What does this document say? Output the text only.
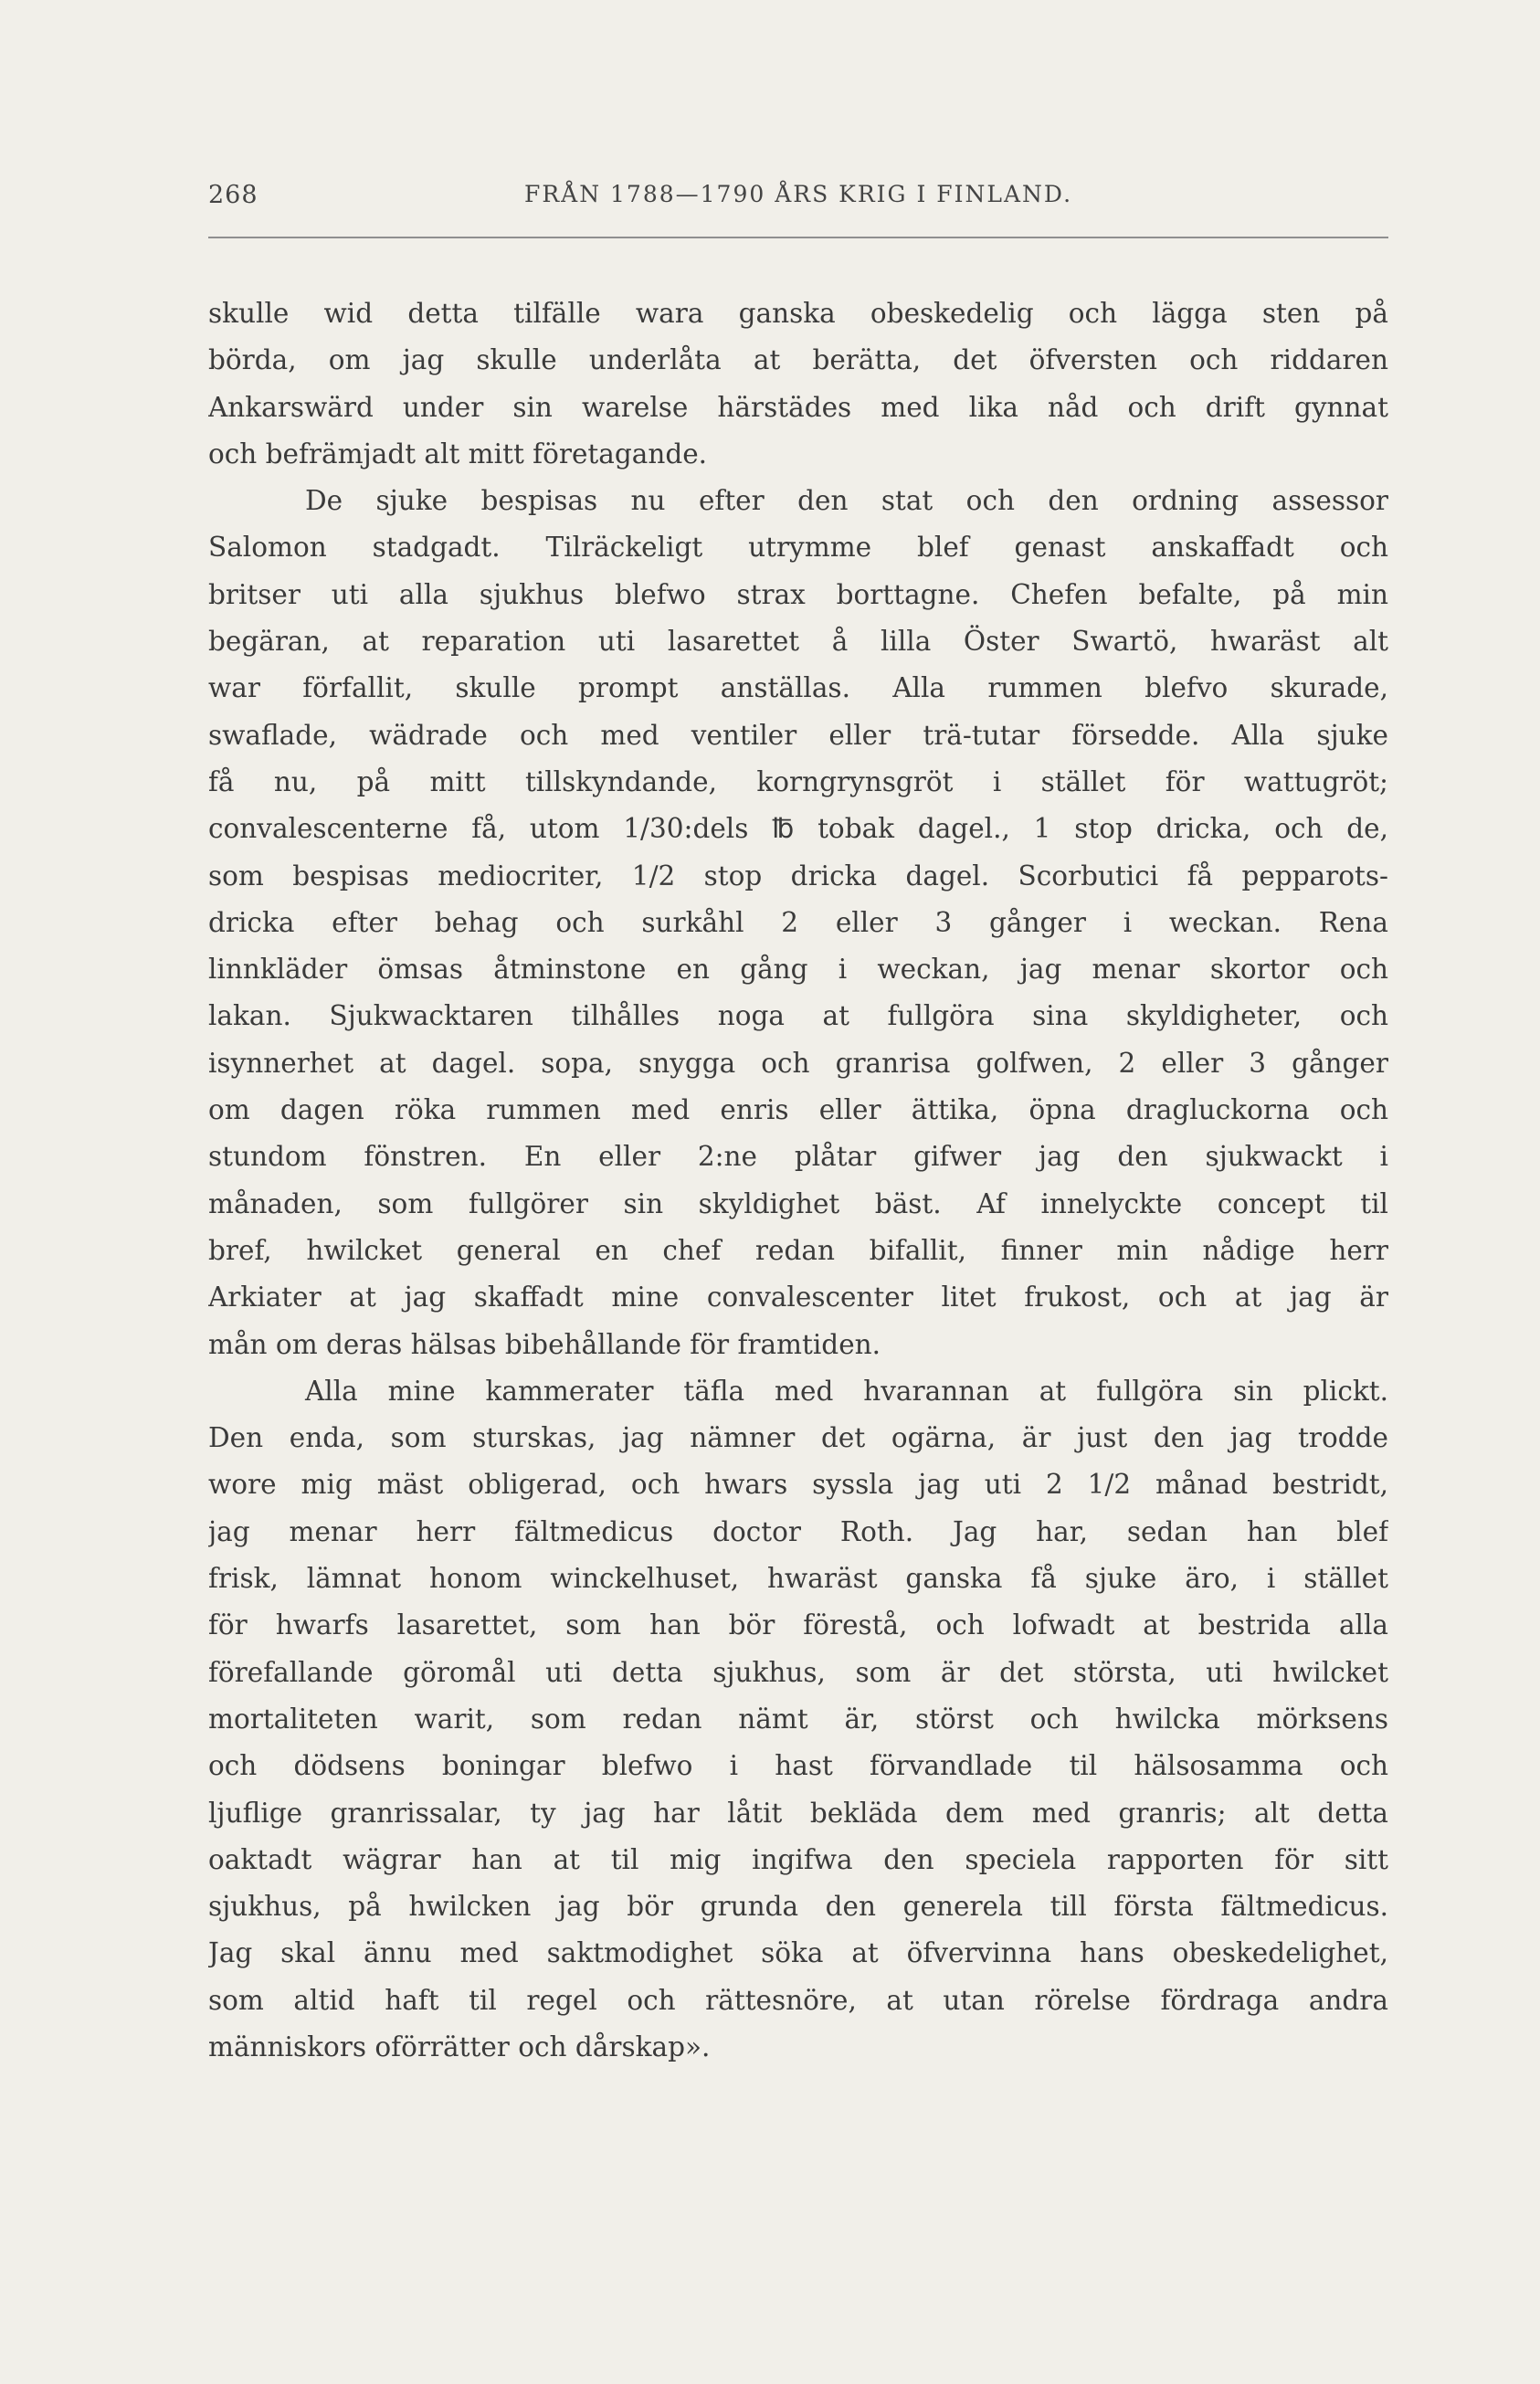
268	FRÅN 1788—1790 ÅRS KRIG I FINLAND.
skulle wid detta tilfälle wara ganska obeskedelig och lägga sten på
börda, om jag skulle underlåta at berätta, det öfversten och riddaren
Ankarswärd under sin warelse härstädes med lika nåd och drift gynnat
och befrämjadt alt mitt företagande.
De sjuke bespisas nu efter den stat och den ordning assessor
Salomon stadgadt. Tilräckeligt utrymme blef genast anskaffadt och
britser uti alla sjukhus blefwo strax borttagne. Chefen befalte, på min
begäran, at reparation uti lasarettet å lilla Öster Swartö, hwaräst alt
war förfallit, skulle prompt anställas. Alla rummen blefvo skurade,
swaflade, wädrade och med ventiler eller trä-tutar försedde. Alla sjuke
få nu, på mitt tillskyndande, korngrynsgröt i stället för wattugröt;
convalescenterne få, utom 1/30:dels ℔ tobak dagel., 1 stop dricka, och de,
som bespisas mediocriter, 1/2 stop dricka dagel. Scorbutici få pepparots-
dricka efter behag och surkåhl 2 eller 3 gånger i weckan. Rena
linnkläder ömsas åtminstone en gång i weckan, jag menar skortor och
lakan. Sjukwacktaren tilhålles noga at fullgöra sina skyldigheter, och
isynnerhet at dagel. sopa, snygga och granrisa golfwen, 2 eller 3 gånger
om dagen röka rummen med enris eller ättika, öpna dragluckorna och
stundom fönstren. En eller 2:ne plåtar gifwer jag den sjukwackt i
månaden, som fullgörer sin skyldighet bäst. Af innelyckte concept til
bref, hwilcket general en chef redan bifallit, finner min nådige herr
Arkiater at jag skaffadt mine convalescenter litet frukost, och at jag är
mån om deras hälsas bibehållande för framtiden.
Alla mine kammerater täfla med hvarannan at fullgöra sin plickt.
Den enda, som sturskas, jag nämner det ogärna, är just den jag trodde
wore mig mäst obligerad, och hwars syssla jag uti 2 1/2 månad bestridt,
jag menar herr fältmedicus doctor Roth. Jag har, sedan han blef
frisk, lämnat honom winckelhuset, hwaräst ganska få sjuke äro, i stället
för hwarfs lasarettet, som han bör förestå, och lofwadt at bestrida alla
förefallande göromål uti detta sjukhus, som är det största, uti hwilcket
mortaliteten warit, som redan nämt är, störst och hwilcka mörksens
och dödsens boningar blefwo i hast förvandlade til hälsosamma och
ljuflige granrissalar, ty jag har låtit beklädа dem med granris; alt detta
oaktadt wägrar han at til mig ingifwa den speciela rapporten för sitt
sjukhus, på hwilcken jag bör grunda den generela till första fältmedicus.
Jag skal ännu med saktmodighet söka at öfvervinna hans obeskedelighet,
som altid haft til regel och rättesnöre, at utan rörelse fördraga andra
människors oförrätter och dårskap».
